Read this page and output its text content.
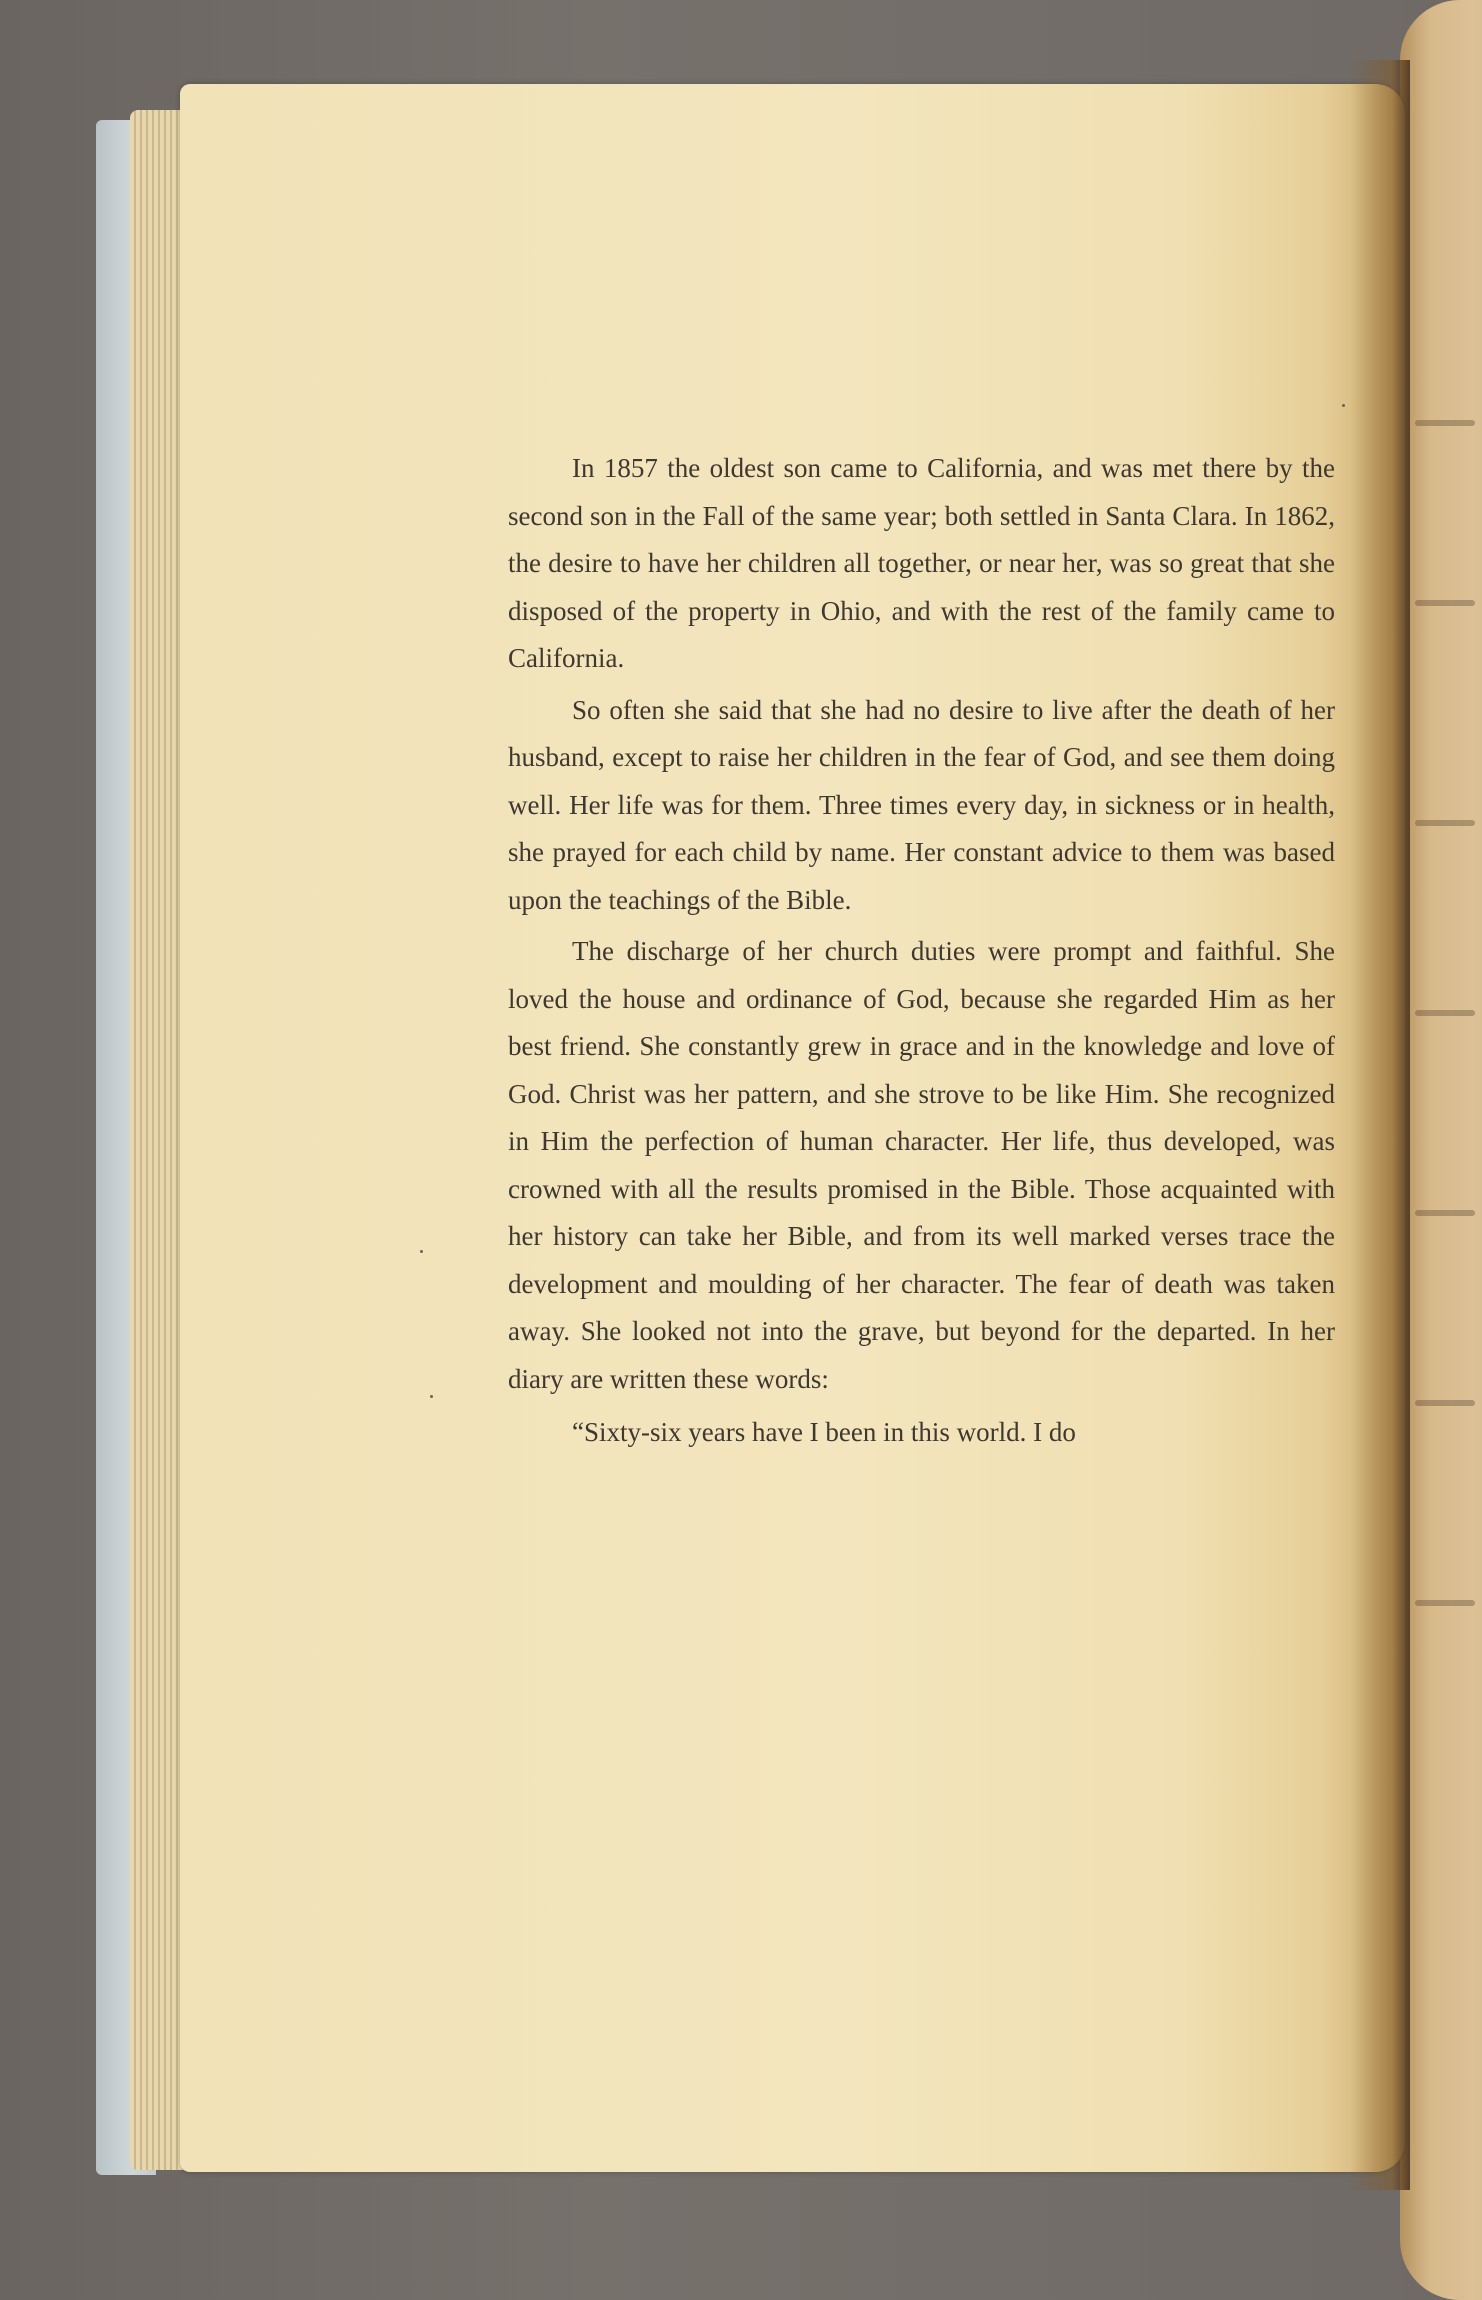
In 1857 the oldest son came to California, and was met there by the second son in the Fall of the same year; both settled in Santa Clara. In 1862, the desire to have her children all together, or near her, was so great that she disposed of the property in Ohio, and with the rest of the family came to California.

So often she said that she had no desire to live after the death of her husband, except to raise her children in the fear of God, and see them doing well. Her life was for them. Three times every day, in sickness or in health, she prayed for each child by name. Her constant advice to them was based upon the teachings of the Bible.

The discharge of her church duties were prompt and faithful. She loved the house and ordinance of God, because she regarded Him as her best friend. She constantly grew in grace and in the knowledge and love of God. Christ was her pattern, and she strove to be like Him. She recognized in Him the perfection of human character. Her life, thus developed, was crowned with all the results promised in the Bible. Those acquainted with her history can take her Bible, and from its well marked verses trace the development and moulding of her character. The fear of death was taken away. She looked not into the grave, but beyond for the departed. In her diary are written these words:

“Sixty-six years have I been in this world. I do
